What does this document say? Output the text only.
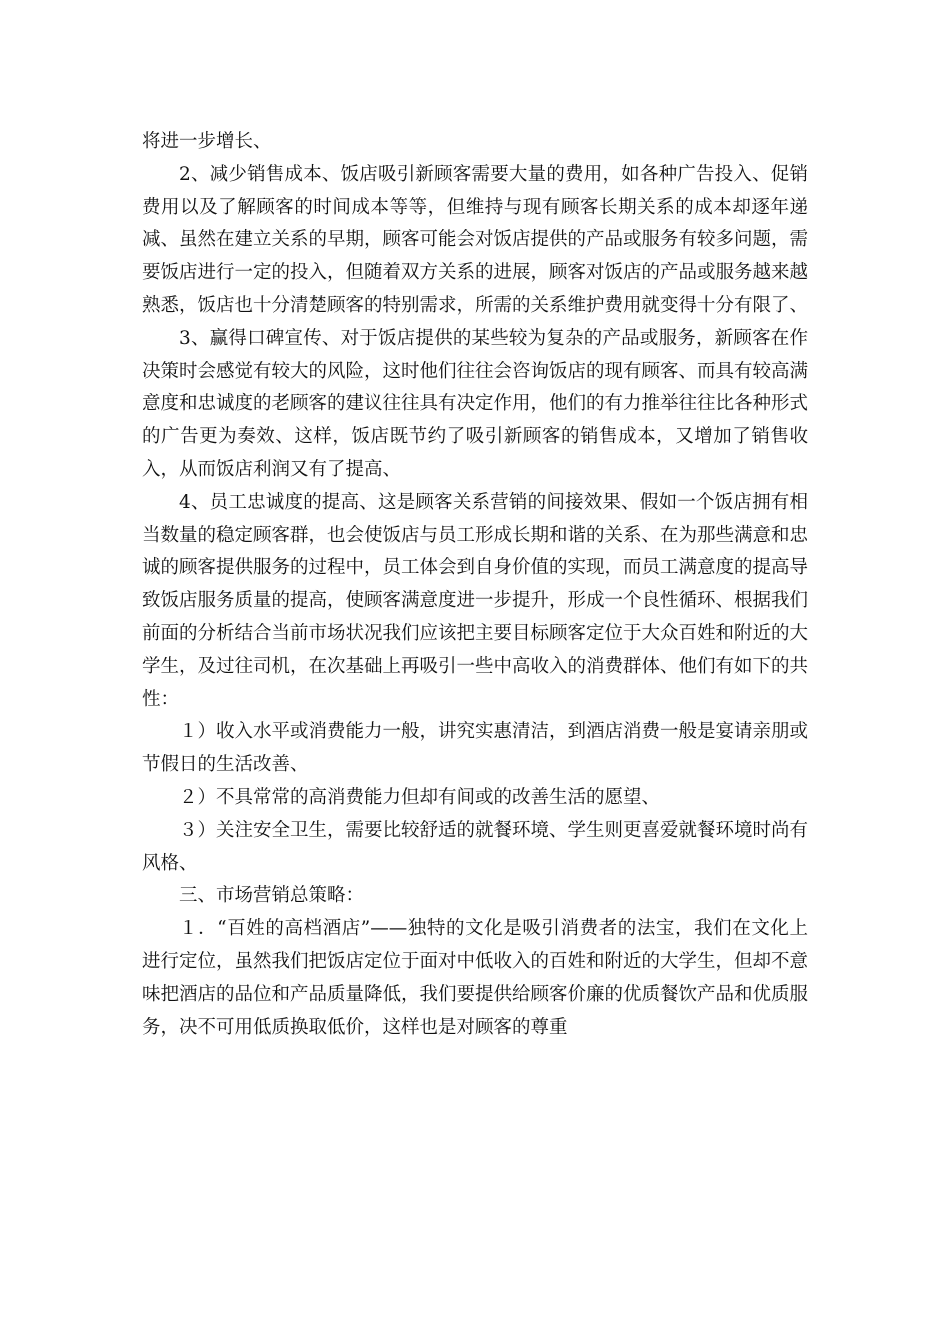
将进一步增长、

2、减少销售成本、饭店吸引新顾客需要大量的费用，如各种广告投入、促销费用以及了解顾客的时间成本等等，但维持与现有顾客长期关系的成本却逐年递减、虽然在建立关系的早期，顾客可能会对饭店提供的产品或服务有较多问题，需要饭店进行一定的投入，但随着双方关系的进展，顾客对饭店的产品或服务越来越熟悉，饭店也十分清楚顾客的特别需求，所需的关系维护费用就变得十分有限了、

3、赢得口碑宣传、对于饭店提供的某些较为复杂的产品或服务，新顾客在作决策时会感觉有较大的风险，这时他们往往会咨询饭店的现有顾客、而具有较高满意度和忠诚度的老顾客的建议往往具有决定作用，他们的有力推举往往比各种形式的广告更为奏效、这样，饭店既节约了吸引新顾客的销售成本，又增加了销售收入，从而饭店利润又有了提高、

4、员工忠诚度的提高、这是顾客关系营销的间接效果、假如一个饭店拥有相当数量的稳定顾客群，也会使饭店与员工形成长期和谐的关系、在为那些满意和忠诚的顾客提供服务的过程中，员工体会到自身价值的实现，而员工满意度的提高导致饭店服务质量的提高，使顾客满意度进一步提升，形成一个良性循环、根据我们前面的分析结合当前市场状况我们应该把主要目标顾客定位于大众百姓和附近的大学生，及过往司机，在次基础上再吸引一些中高收入的消费群体、他们有如下的共性：

１）收入水平或消费能力一般，讲究实惠清洁，到酒店消费一般是宴请亲朋或节假日的生活改善、

２）不具常常的高消费能力但却有间或的改善生活的愿望、

３）关注安全卫生，需要比较舒适的就餐环境、学生则更喜爱就餐环境时尚有风格、

三、市场营销总策略：

１．“百姓的高档酒店”——独特的文化是吸引消费者的法宝，我们在文化上进行定位，虽然我们把饭店定位于面对中低收入的百姓和附近的大学生，但却不意味把酒店的品位和产品质量降低，我们要提供给顾客价廉的优质餐饮产品和优质服务，决不可用低质换取低价，这样也是对顾客的尊重
